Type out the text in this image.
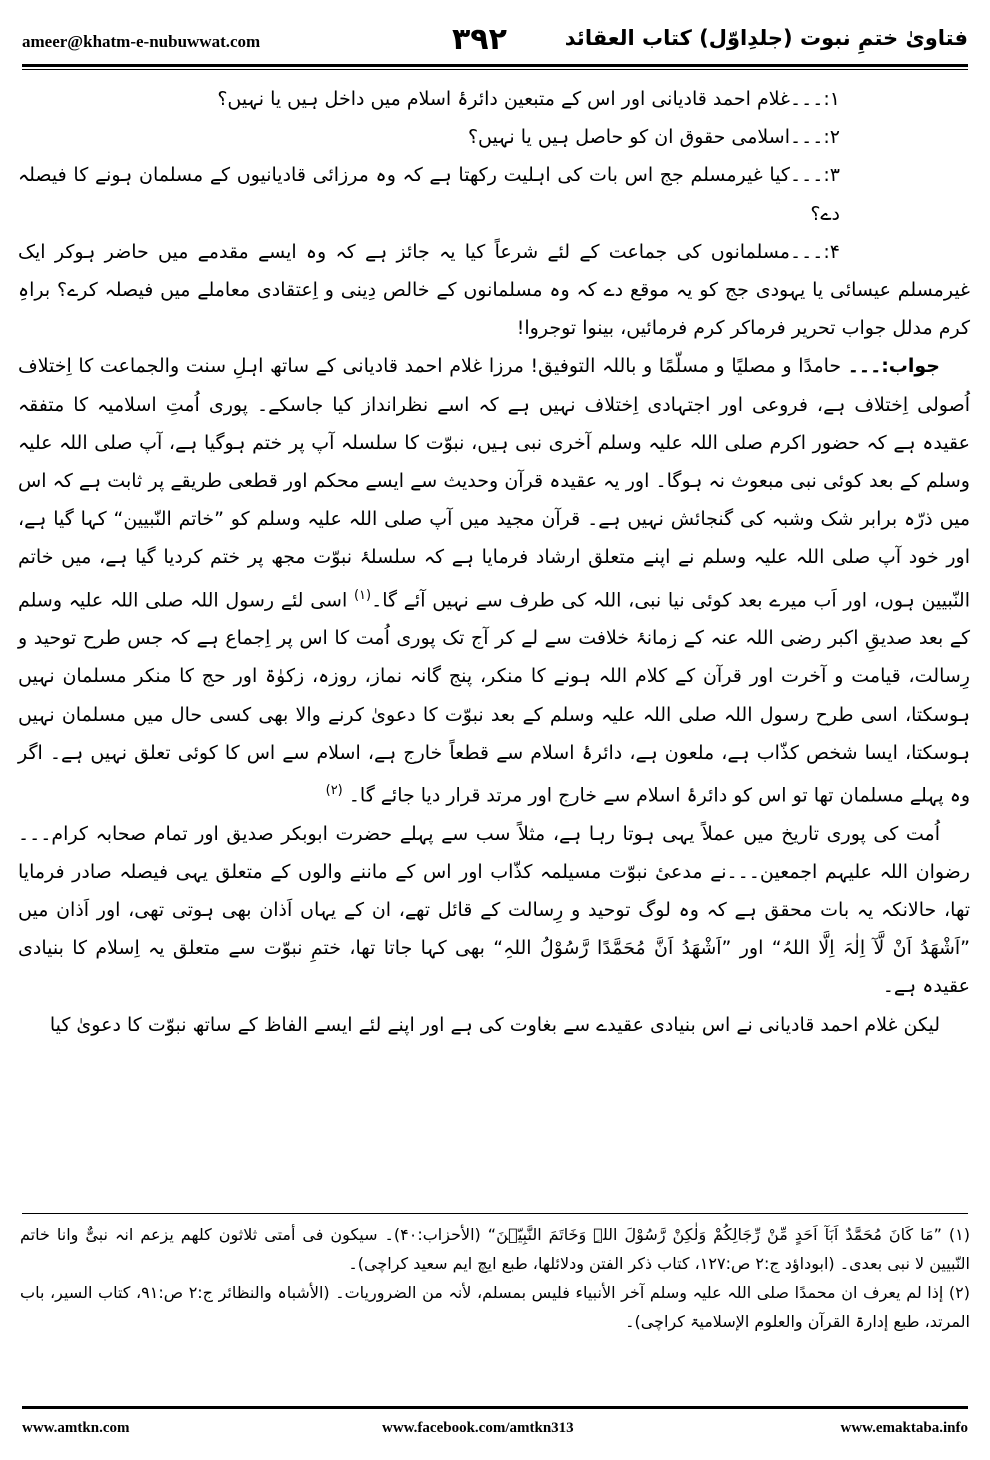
ameer@khatm-e-nubuwwat.com	۳۹۲	فتاویٰ ختمِ نبوت (جلدِاوّل) کتاب العقائد

۱:۔۔۔غلام احمد قادیانی اور اس کے متبعین دائرۂ اسلام میں داخل ہیں یا نہیں؟

۲:۔۔۔اسلامی حقوق ان کو حاصل ہیں یا نہیں؟

۳:۔۔۔کیا غیرمسلم جج اس بات کی اہلیت رکھتا ہے کہ وہ مرزائی قادیانیوں کے مسلمان ہونے کا فیصلہ دے؟

۴:۔۔۔مسلمانوں کی جماعت کے لئے شرعاً کیا یہ جائز ہے کہ وہ ایسے مقدمے میں حاضر ہوکر ایک غیرمسلم عیسائی یا یہودی جج کو یہ موقع دے کہ وہ مسلمانوں کے خالص دِینی و اِعتقادی معاملے میں فیصلہ کرے؟ براہِ کرم مدلل جواب تحریر فرماکر کرم فرمائیں، بینوا توجروا!

جواب:۔۔۔ حامدًا و مصلیًا و مسلّمًا و باللہ التوفیق! مرزا غلام احمد قادیانی کے ساتھ اہلِ سنت والجماعت کا اِختلاف اُصولی اِختلاف ہے، فروعی اور اجتہادی اِختلاف نہیں ہے کہ اسے نظرانداز کیا جاسکے۔ پوری اُمتِ اسلامیہ کا متفقہ عقیدہ ہے کہ حضور اکرم صلی اللہ علیہ وسلم آخری نبی ہیں، نبوّت کا سلسلہ آپ پر ختم ہوگیا ہے، آپ صلی اللہ علیہ وسلم کے بعد کوئی نبی مبعوث نہ ہوگا۔ اور یہ عقیدہ قرآن وحدیث سے ایسے محکم اور قطعی طریقے پر ثابت ہے کہ اس میں ذرّہ برابر شک وشبہ کی گنجائش نہیں ہے۔ قرآن مجید میں آپ صلی اللہ علیہ وسلم کو ”خاتم النّبیین“ کہا گیا ہے، اور خود آپ صلی اللہ علیہ وسلم نے اپنے متعلق ارشاد فرمایا ہے کہ سلسلۂ نبوّت مجھ پر ختم کردیا گیا ہے، میں خاتم النّبیین ہوں، اور اَب میرے بعد کوئی نیا نبی، اللہ کی طرف سے نہیں آئے گا۔$^{(۱)}$ اسی لئے رسول اللہ صلی اللہ علیہ وسلم کے بعد صدیقِ اکبر رضی اللہ عنہ کے زمانۂ خلافت سے لے کر آج تک پوری اُمت کا اس پر اِجماع ہے کہ جس طرح توحید و رِسالت، قیامت و آخرت اور قرآن کے کلام اللہ ہونے کا منکر، پنج گانہ نماز، روزہ، زکوٰۃ اور حج کا منکر مسلمان نہیں ہوسکتا، اسی طرح رسول اللہ صلی اللہ علیہ وسلم کے بعد نبوّت کا دعویٰ کرنے والا بھی کسی حال میں مسلمان نہیں ہوسکتا، ایسا شخص کذّاب ہے، ملعون ہے، دائرۂ اسلام سے قطعاً خارج ہے، اسلام سے اس کا کوئی تعلق نہیں ہے۔ اگر وہ پہلے مسلمان تھا تو اس کو دائرۂ اسلام سے خارج اور مرتد قرار دیا جائے گا۔ $^{(۲)}$

اُمت کی پوری تاریخ میں عملاً یہی ہوتا رہا ہے، مثلاً سب سے پہلے حضرت ابوبکر صدیق اور تمام صحابہ کرام۔۔۔رضوان اللہ علیہم اجمعین۔۔۔نے مدعیٔ نبوّت مسیلمہ کذّاب اور اس کے ماننے والوں کے متعلق یہی فیصلہ صادر فرمایا تھا، حالانکہ یہ بات محقق ہے کہ وہ لوگ توحید و رِسالت کے قائل تھے، ان کے یہاں اَذان بھی ہوتی تھی، اور اَذان میں ”اَشْھَدُ اَنْ لَّآ اِلٰہَ اِلَّا اللہُ“ اور ”اَشْھَدُ اَنَّ مُحَمَّدًا رَّسُوْلُ اللہِ“ بھی کہا جاتا تھا، ختمِ نبوّت سے متعلق یہ اِسلام کا بنیادی عقیدہ ہے۔

لیکن غلام احمد قادیانی نے اس بنیادی عقیدے سے بغاوت کی ہے اور اپنے لئے ایسے الفاظ کے ساتھ نبوّت کا دعویٰ کیا

(۱) ”مَا کَانَ مُحَمَّدٌ اَبَآ اَحَدٍ مِّنْ رِّجَالِکُمْ وَلٰکِنْ رَّسُوْلَ اللہِ وَخَاتَمَ النَّبِیّٖنَ“ (الأحزاب:۴۰)۔ سیکون فی أمتی ثلاثون کلھم یزعم انہ نبیٌّ وانا خاتم النّبیین لا نبی بعدی۔ (ابوداؤد ج:۲ ص:۱۲۷، کتاب ذکر الفتن ودلائلھا، طبع ایچ ایم سعید کراچی)۔

(۲) إذا لم یعرف ان محمدًا صلی اللہ علیہ وسلم آخر الأنبیاء فلیس بمسلم، لأنہ من الضروریات۔ (الأشباہ والنظائر ج:۲ ص:۹۱، کتاب السیر، باب المرتد، طبع إدارۃ القرآن والعلوم الإسلامیۃ کراچی)۔

www.amtkn.com	www.facebook.com/amtkn313	www.emaktaba.info
